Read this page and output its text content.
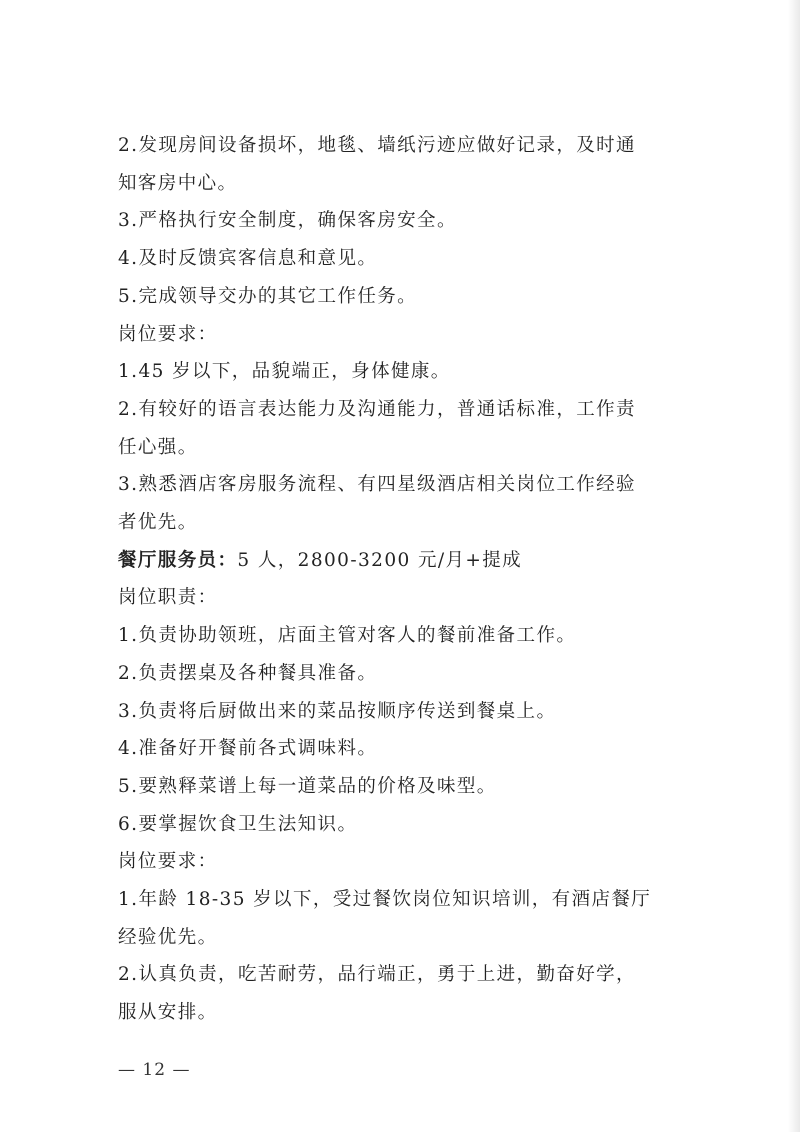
2.发现房间设备损坏，地毯、墙纸污迹应做好记录，及时通
知客房中心。
3.严格执行安全制度，确保客房安全。
4.及时反馈宾客信息和意见。
5.完成领导交办的其它工作任务。
岗位要求：
1.45 岁以下，品貌端正，身体健康。
2.有较好的语言表达能力及沟通能力，普通话标准，工作责
任心强。
3.熟悉酒店客房服务流程、有四星级酒店相关岗位工作经验
者优先。
餐厅服务员： 5 人，2800-3200 元/月+提成
岗位职责：
1.负责协助领班，店面主管对客人的餐前准备工作。
2.负责摆桌及各种餐具准备。
3.负责将后厨做出来的菜品按顺序传送到餐桌上。
4.准备好开餐前各式调味料。
5.要熟释菜谱上每一道菜品的价格及味型。
6.要掌握饮食卫生法知识。
岗位要求：
1.年龄 18-35 岁以下，受过餐饮岗位知识培训，有酒店餐厅
经验优先。
2.认真负责，吃苦耐劳，品行端正，勇于上进，勤奋好学，
服从安排。
— 12 —
